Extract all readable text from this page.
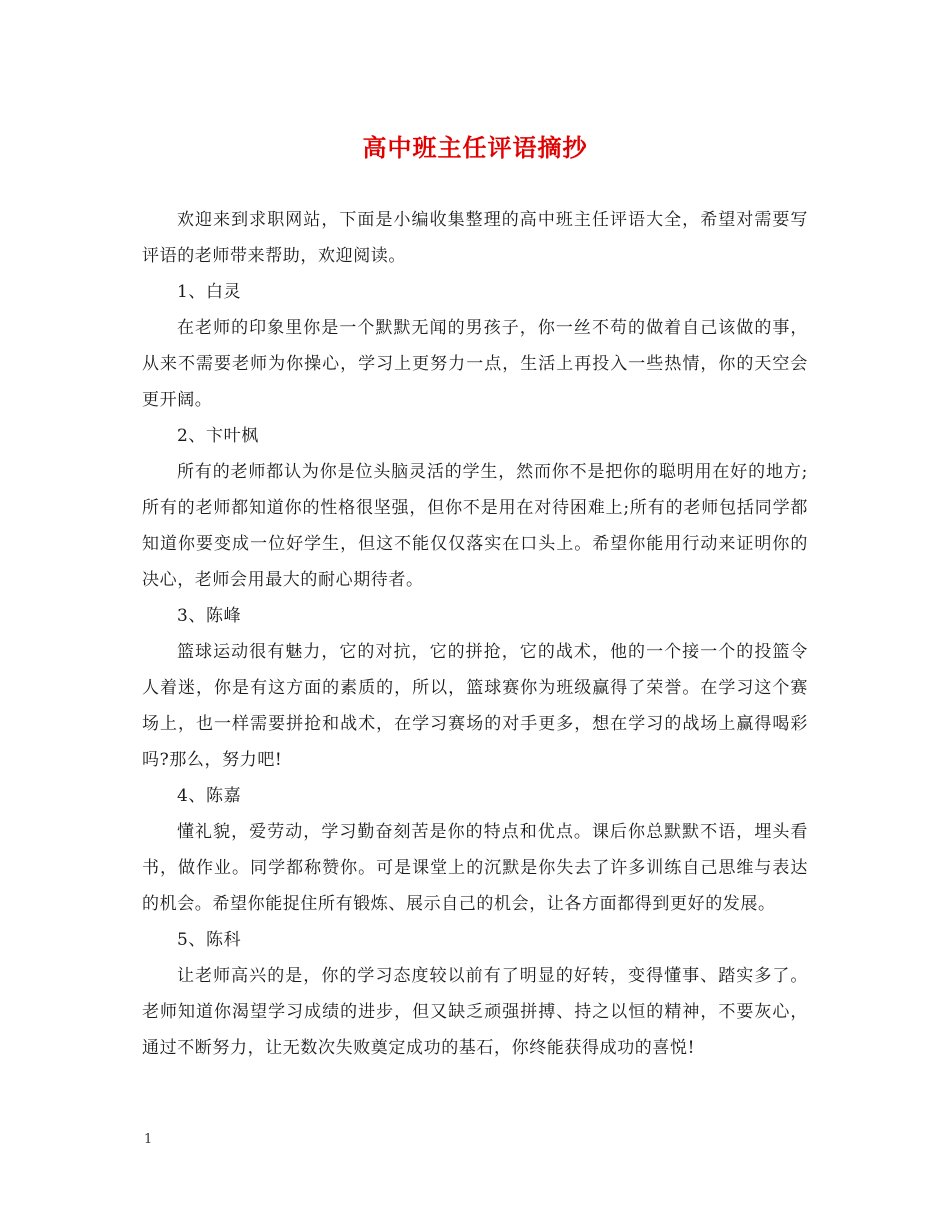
高中班主任评语摘抄

欢迎来到求职网站，下面是小编收集整理的高中班主任评语大全，希望对需要写评语的老师带来帮助，欢迎阅读。

1、白灵

在老师的印象里你是一个默默无闻的男孩子，你一丝不苟的做着自己该做的事，从来不需要老师为你操心，学习上更努力一点，生活上再投入一些热情，你的天空会更开阔。

2、卞叶枫

所有的老师都认为你是位头脑灵活的学生，然而你不是把你的聪明用在好的地方;所有的老师都知道你的性格很坚强，但你不是用在对待困难上;所有的老师包括同学都知道你要变成一位好学生，但这不能仅仅落实在口头上。希望你能用行动来证明你的决心，老师会用最大的耐心期待者。

3、陈峰

篮球运动很有魅力，它的对抗，它的拼抢，它的战术，他的一个接一个的投篮令人着迷，你是有这方面的素质的，所以，篮球赛你为班级赢得了荣誉。在学习这个赛场上，也一样需要拼抢和战术，在学习赛场的对手更多，想在学习的战场上赢得喝彩吗?那么，努力吧!

4、陈嘉

懂礼貌，爱劳动，学习勤奋刻苦是你的特点和优点。课后你总默默不语，埋头看书，做作业。同学都称赞你。可是课堂上的沉默是你失去了许多训练自己思维与表达的机会。希望你能捉住所有锻炼、展示自己的机会，让各方面都得到更好的发展。

5、陈科

让老师高兴的是，你的学习态度较以前有了明显的好转，变得懂事、踏实多了。老师知道你渴望学习成绩的进步，但又缺乏顽强拼搏、持之以恒的精神，不要灰心，通过不断努力，让无数次失败奠定成功的基石，你终能获得成功的喜悦!

1
